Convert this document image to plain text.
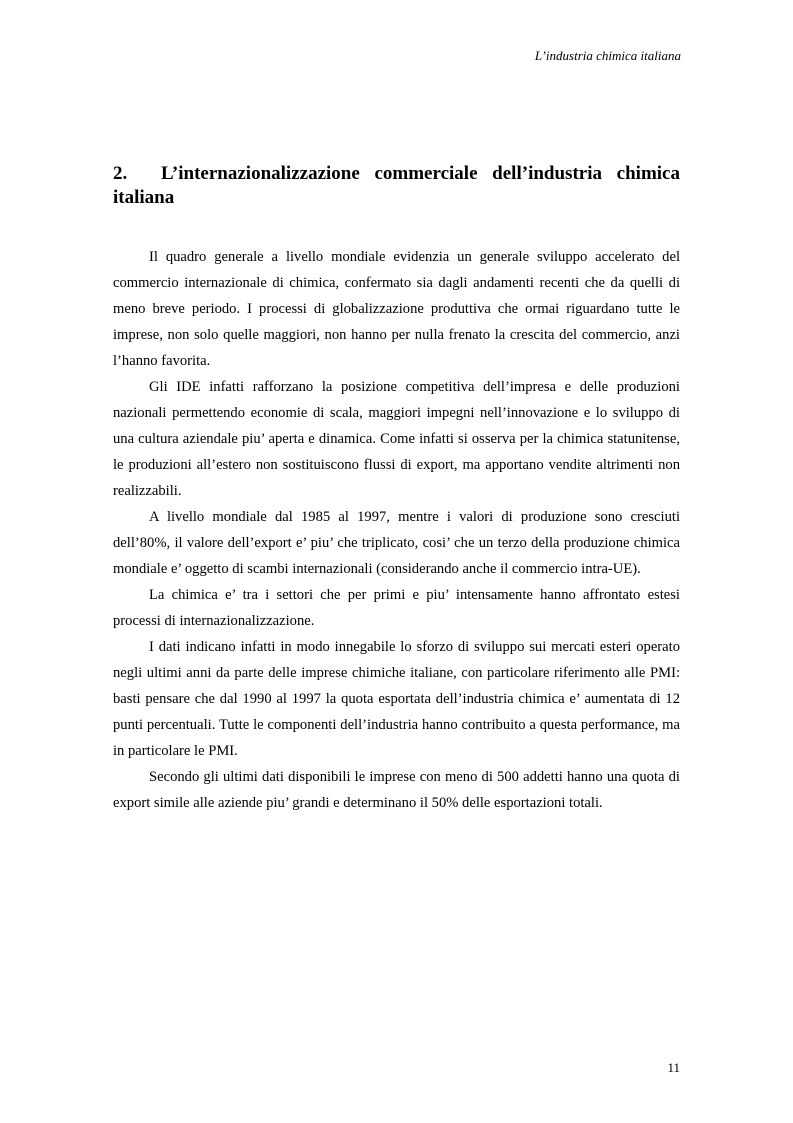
L’industria chimica italiana
2. L’internazionalizzazione commerciale dell’industria chimica italiana

Il quadro generale a livello mondiale evidenzia un generale sviluppo accelerato del commercio internazionale di chimica, confermato sia dagli andamenti recenti che da quelli di meno breve periodo. I processi di globalizzazione produttiva che ormai riguardano tutte le imprese, non solo quelle maggiori, non hanno per nulla frenato la crescita del commercio, anzi l’hanno favorita.

Gli IDE infatti rafforzano la posizione competitiva dell’impresa e delle produzioni nazionali permettendo economie di scala, maggiori impegni nell’innovazione e lo sviluppo di una cultura aziendale piu’ aperta e dinamica. Come infatti si osserva per la chimica statunitense, le produzioni all’estero non sostituiscono flussi di export, ma apportano vendite altrimenti non realizzabili.

A livello mondiale dal 1985 al 1997, mentre i valori di produzione sono cresciuti dell’80%, il valore dell’export e’ piu’ che triplicato, cosi’ che un terzo della produzione chimica mondiale e’ oggetto di scambi internazionali (considerando anche il commercio intra-UE).

La chimica e’ tra i settori che per primi e piu’ intensamente hanno affrontato estesi processi di internazionalizzazione.

I dati indicano infatti in modo innegabile lo sforzo di sviluppo sui mercati esteri operato negli ultimi anni da parte delle imprese chimiche italiane, con particolare riferimento alle PMI: basti pensare che dal 1990 al 1997 la quota esportata dell’industria chimica e’ aumentata di 12 punti percentuali. Tutte le componenti dell’industria hanno contribuito a questa performance, ma in particolare le PMI.

Secondo gli ultimi dati disponibili le imprese con meno di 500 addetti hanno una quota di export simile alle aziende piu’ grandi e determinano il 50% delle esportazioni totali.

11
